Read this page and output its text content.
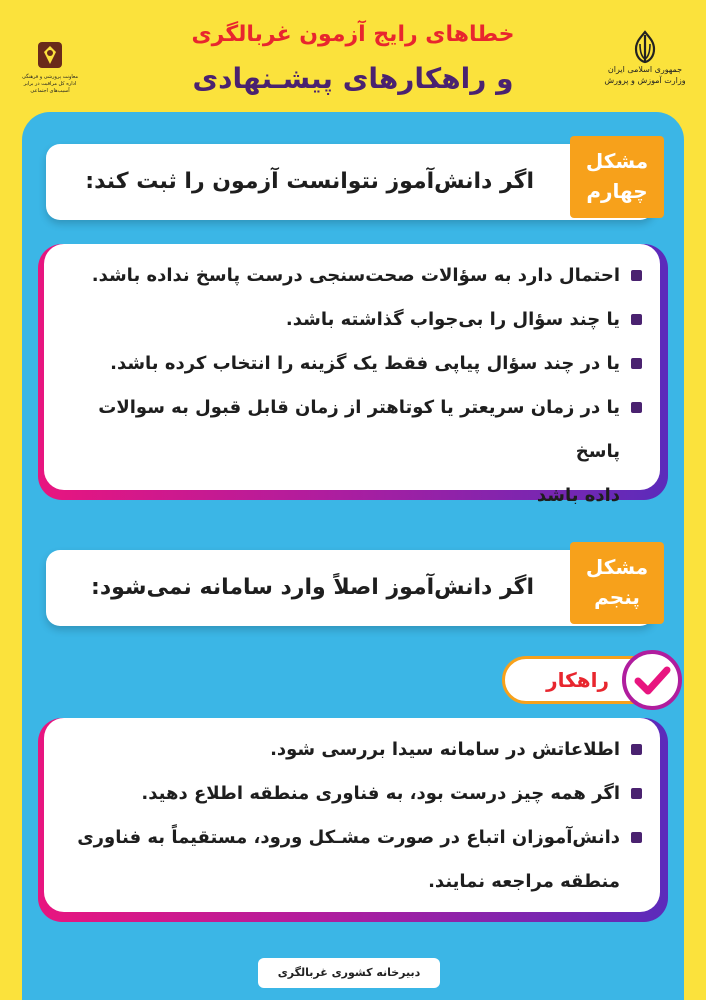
خطاهای رایج آزمون غربالگری
و راهکارهای پیشـنهادی	جمهوری اسلامی ایران
وزارت آموزش و پرورش
معاونت پرورشی و فرهنگی
اداره کل مراقبت در برابر آسیب‌های اجتماعی
اگر دانش‌آموز نتوانست آزمون را ثبت کند:
مشکل
چهارم
احتمال دارد به سؤالات صحت‌سنجی درست پاسخ نداده باشد.
یا چند سؤال را بی‌جواب گذاشته باشد.
یا در چند سؤال پیاپی فقط یک گزینه را انتخاب کرده باشد.
یا در زمان سریعتر یا کوتاهتر از زمان قابل قبول به سوالات پاسخ
داده باشد
اگر دانش‌آموز اصلاً وارد سامانه نمی‌شود:
مشکل
پنجم
راهکار
اطلاعاتش در سامانه سیدا بررسی شود.
اگر همه چیز درست بود، به فناوری منطقه اطلاع دهید.
دانش‌آموزان اتباع در صورت مشـکل ورود، مستقیماً به فناوری
منطقه مراجعه نمایند.
دبیرخانه کشوری غربالگری
